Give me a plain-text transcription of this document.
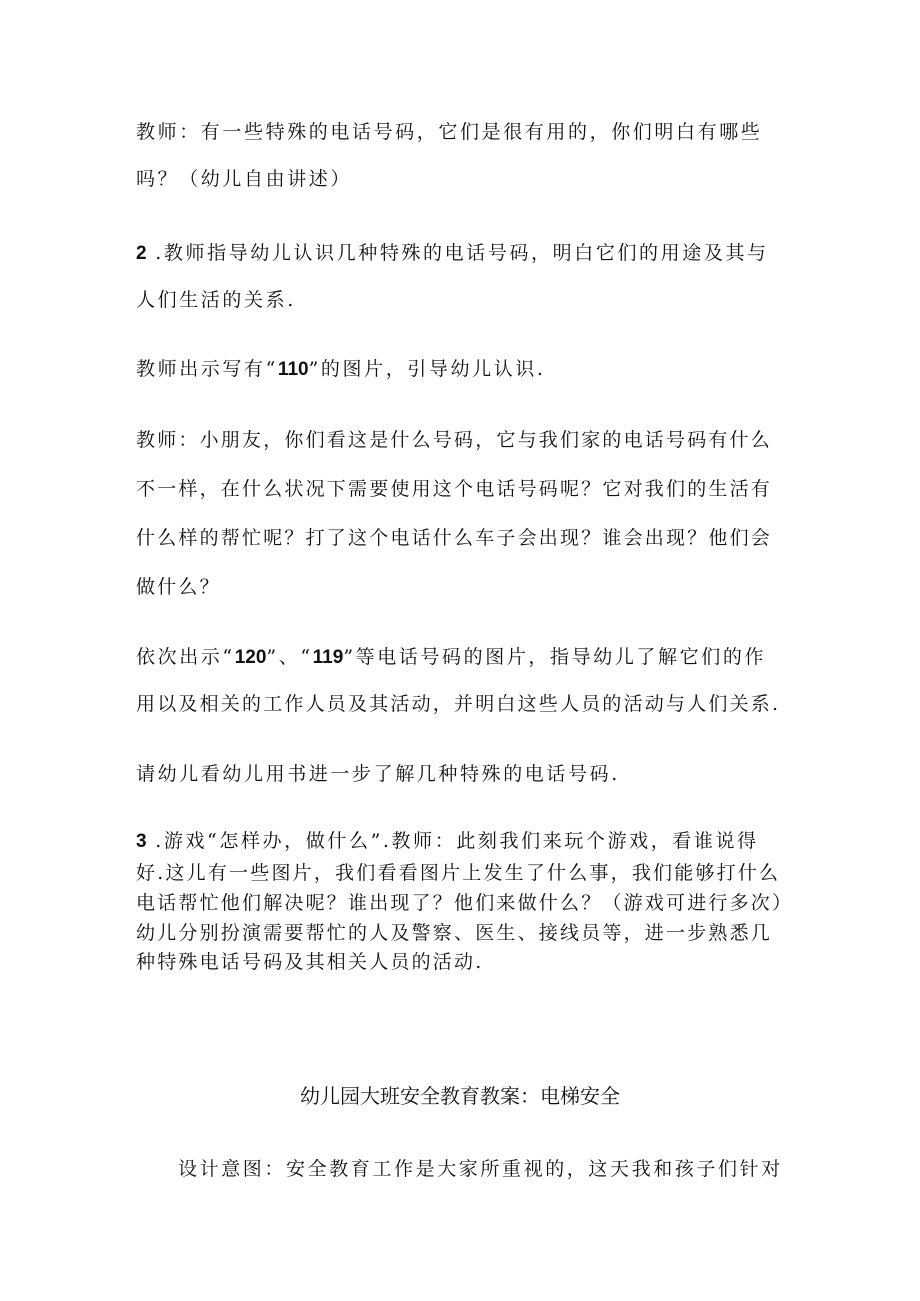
教师：有一些特殊的电话号码，它们是很有用的，你们明白有哪些
吗？（幼儿自由讲述）
2 .教师指导幼儿认识几种特殊的电话号码，明白它们的用途及其与
人们生活的关系.
教师出示写有“110”的图片，引导幼儿认识.
教师：小朋友，你们看这是什么号码，它与我们家的电话号码有什么
不一样，在什么状况下需要使用这个电话号码呢？它对我们的生活有
什么样的帮忙呢？打了这个电话什么车子会出现？谁会出现？他们会
做什么？
依次出示“120”、“119”等电话号码的图片，指导幼儿了解它们的作
用以及相关的工作人员及其活动，并明白这些人员的活动与人们关系.
请幼儿看幼儿用书进一步了解几种特殊的电话号码.
3 .游戏“怎样办，做什么”.教师：此刻我们来玩个游戏，看谁说得
好.这儿有一些图片，我们看看图片上发生了什么事，我们能够打什么
电话帮忙他们解决呢？谁出现了？他们来做什么？（游戏可进行多次）
幼儿分别扮演需要帮忙的人及警察、医生、接线员等，进一步熟悉几
种特殊电话号码及其相关人员的活动.
幼儿园大班安全教育教案：电梯安全
设计意图：安全教育工作是大家所重视的，这天我和孩子们针对
